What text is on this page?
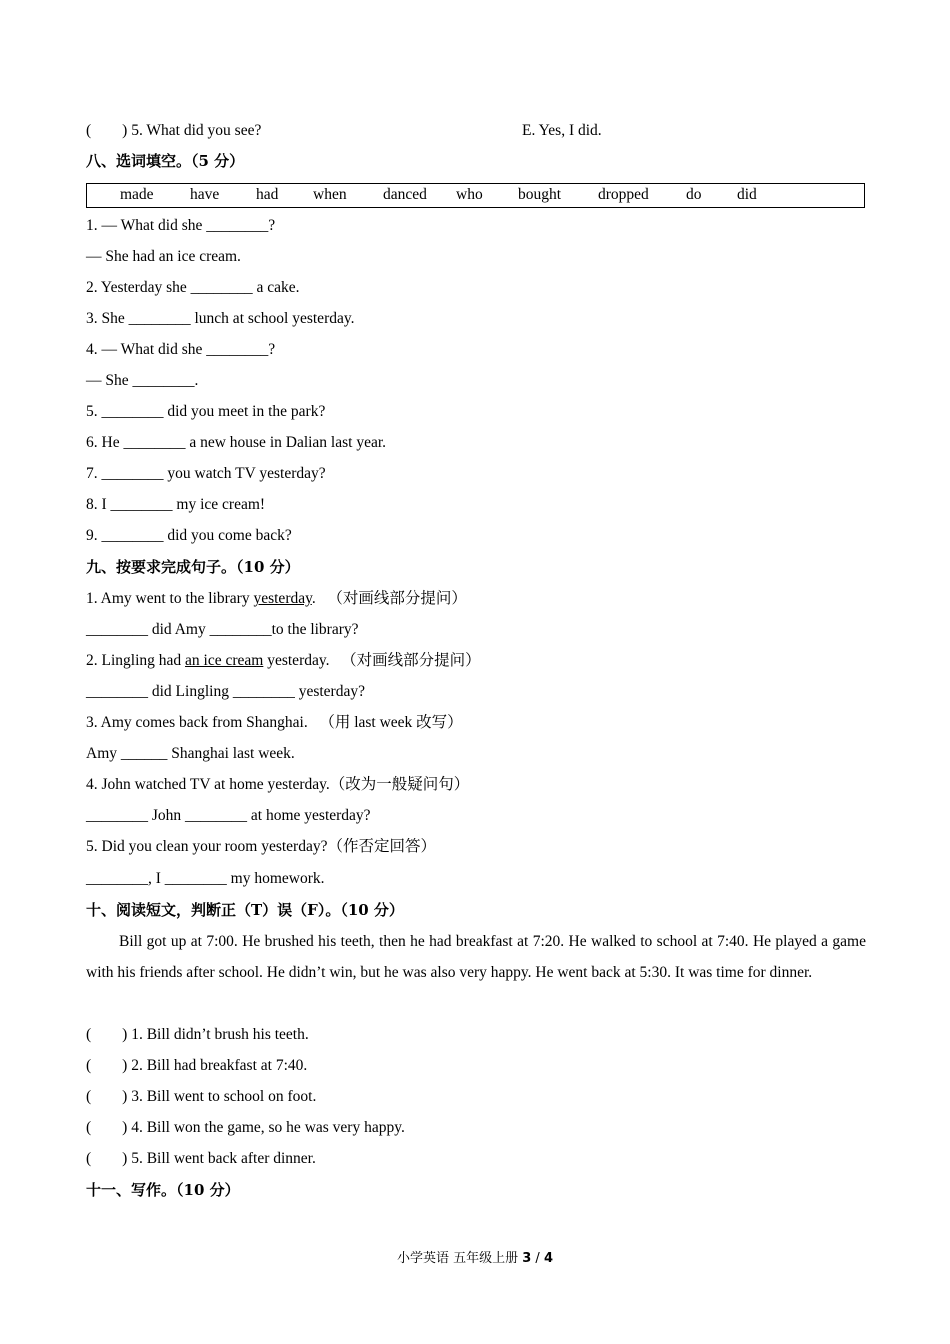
(　　) 5. What did you see?	E. Yes, I did.
八、选词填空。（5 分）
made have had when danced who bought dropped do did
1. — What did she ________?
— She had an ice cream.
2. Yesterday she ________ a cake.
3. She ________ lunch at school yesterday.
4. — What did she ________?
— She ________.
5. ________ did you meet in the park?
6. He ________ a new house in Dalian last year.
7. ________ you watch TV yesterday?
8. I ________ my ice cream!
9. ________ did you come back?
九、按要求完成句子。（10 分）
1. Amy went to the library yesterday.   （对画线部分提问）
________ did Amy ________to the library?
2. Lingling had an ice cream yesterday.   （对画线部分提问）
________ did Lingling ________ yesterday?
3. Amy comes back from Shanghai.   （用 last week 改写）
Amy ______ Shanghai last week.
4. John watched TV at home yesterday.（改为一般疑问句）
________ John ________ at home yesterday?
5. Did you clean your room yesterday?（作否定回答）
________, I ________ my homework.
十、阅读短文，判断正（T）误（F）。（10 分）
Bill got up at 7:00. He brushed his teeth, then he had breakfast at 7:20. He walked to school at 7:40. He played a game with his friends after school. He didn’t win, but he was also very happy. He went back at 5:30. It was time for dinner.
(　　) 1. Bill didn’t brush his teeth.
(　　) 2. Bill had breakfast at 7:40.
(　　) 3. Bill went to school on foot.
(　　) 4. Bill won the game, so he was very happy.
(　　) 5. Bill went back after dinner.
十一、写作。（10 分）
小学英语 五年级上册 3 / 4
